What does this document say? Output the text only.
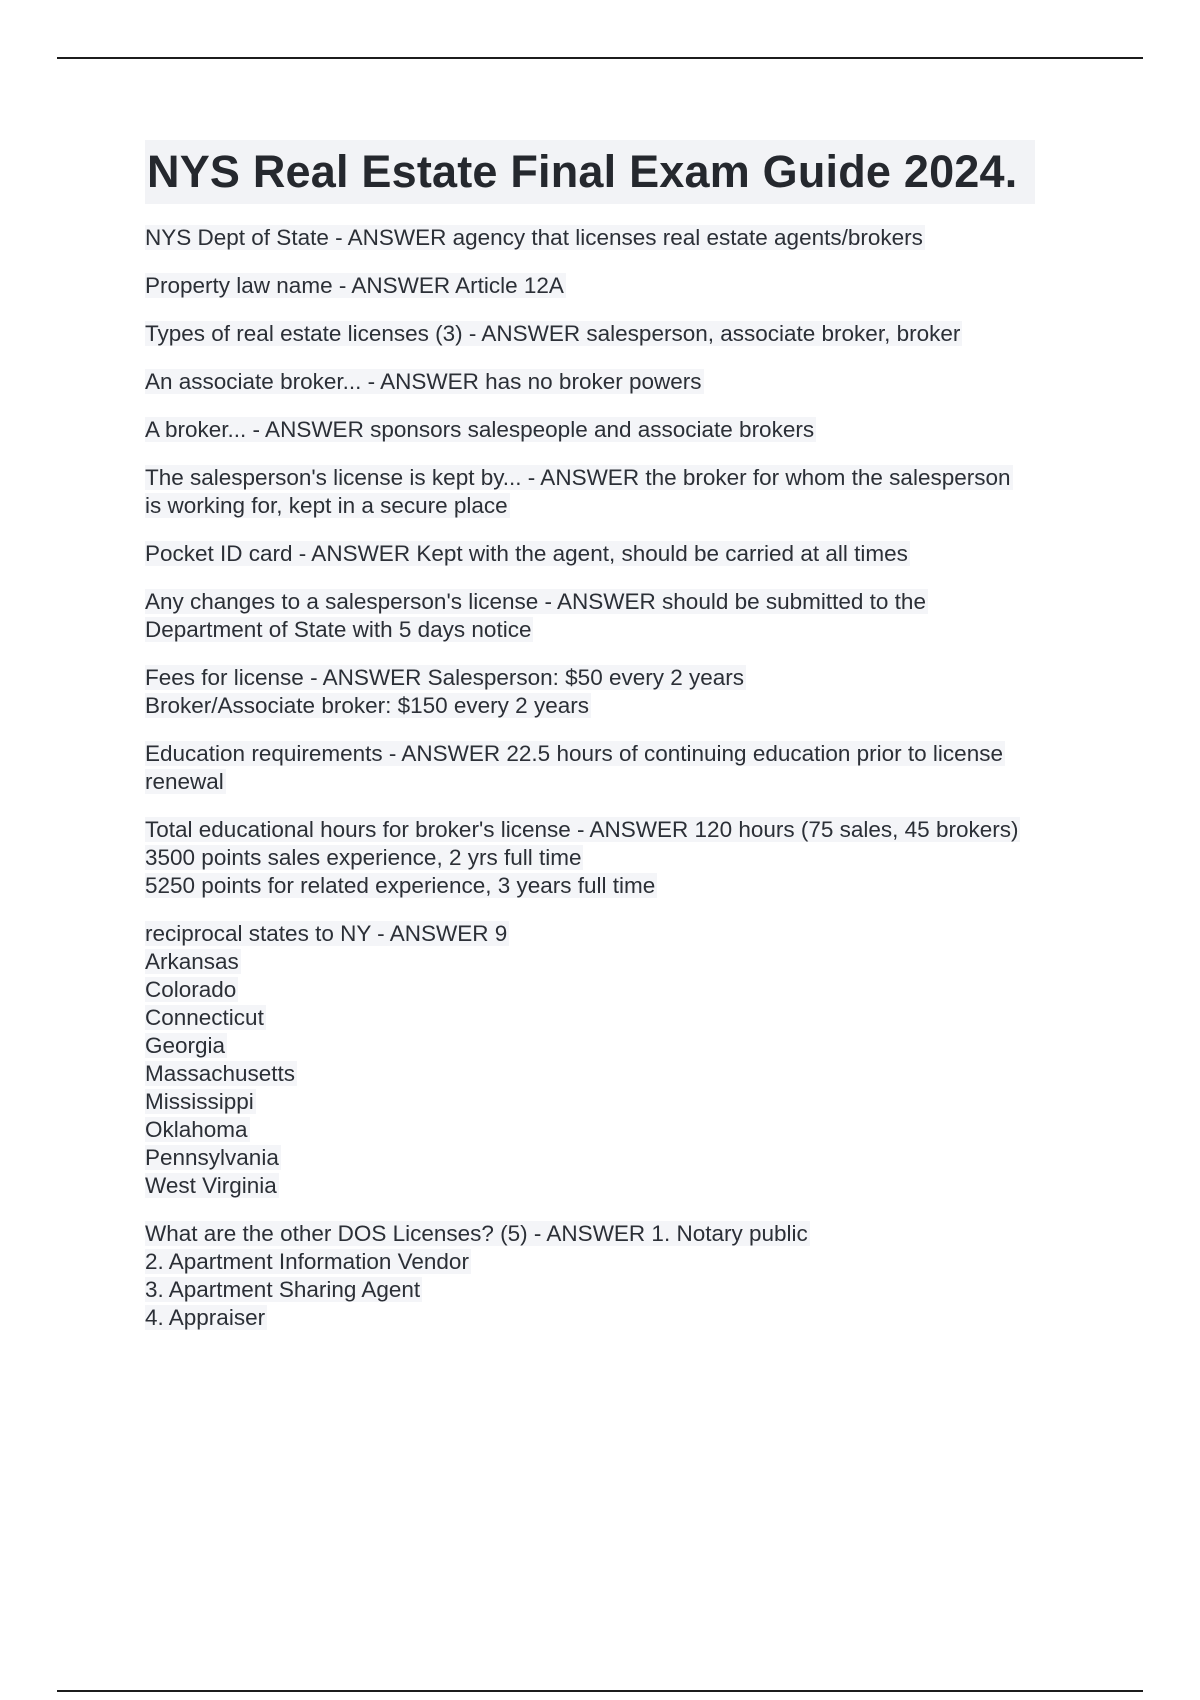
NYS Real Estate Final Exam Guide 2024.
NYS Dept of State - ANSWER agency that licenses real estate agents/brokers
Property law name - ANSWER Article 12A
Types of real estate licenses (3) - ANSWER salesperson, associate broker, broker
An associate broker... - ANSWER has no broker powers
A broker... - ANSWER sponsors salespeople and associate brokers
The salesperson's license is kept by... - ANSWER the broker for whom the salesperson
is working for, kept in a secure place
Pocket ID card - ANSWER Kept with the agent, should be carried at all times
Any changes to a salesperson's license - ANSWER should be submitted to the
Department of State with 5 days notice
Fees for license - ANSWER Salesperson: $50 every 2 years
Broker/Associate broker: $150 every 2 years
Education requirements - ANSWER 22.5 hours of continuing education prior to license
renewal
Total educational hours for broker's license - ANSWER 120 hours (75 sales, 45 brokers)
3500 points sales experience, 2 yrs full time
5250 points for related experience, 3 years full time
reciprocal states to NY - ANSWER 9
Arkansas
Colorado
Connecticut
Georgia
Massachusetts
Mississippi
Oklahoma
Pennsylvania
West Virginia
What are the other DOS Licenses? (5) - ANSWER 1. Notary public
2. Apartment Information Vendor
3. Apartment Sharing Agent
4. Appraiser
